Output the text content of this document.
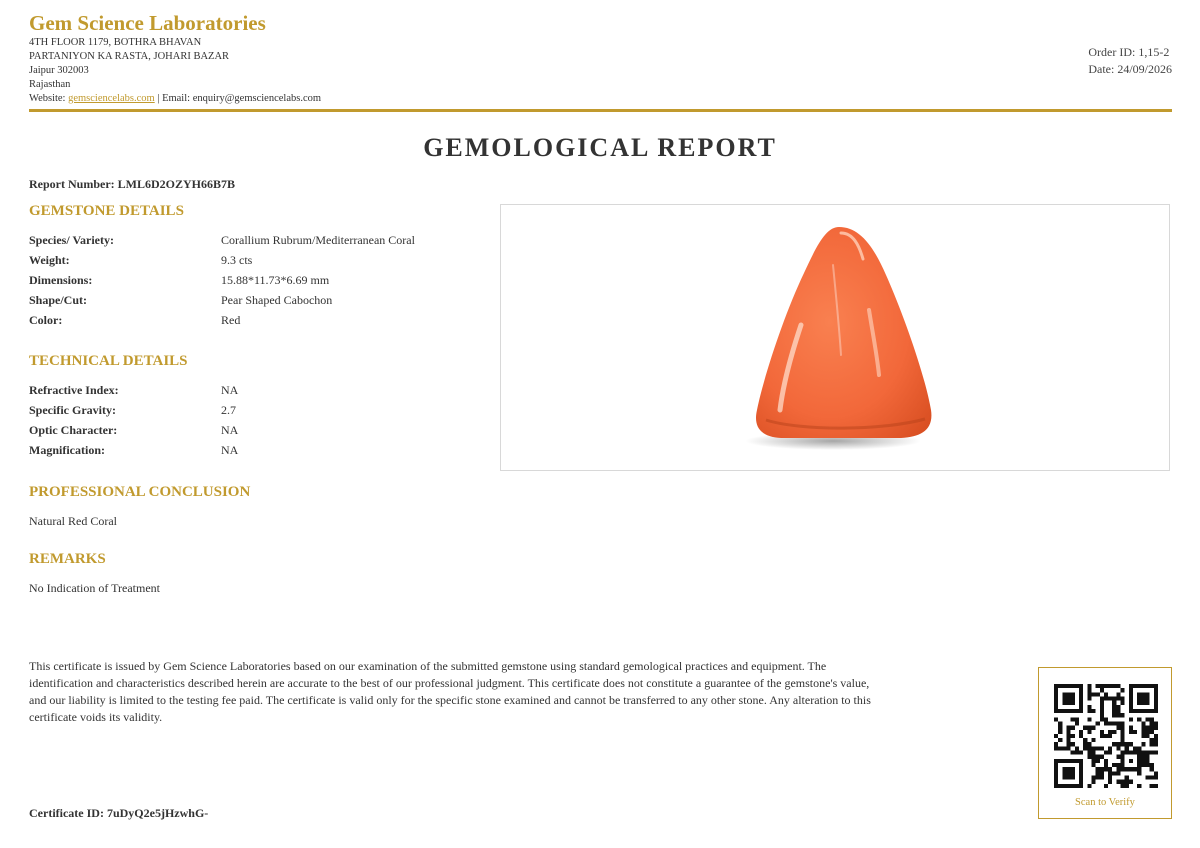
Gem Science Laboratories
4TH FLOOR 1179, BOTHRA BHAVAN
PARTANIYON KA RASTA, JOHARI BAZAR
Jaipur 302003
Rajasthan
Website: gemsciencelabs.com | Email: enquiry@gemsciencelabs.com
Order ID: 1,15-2
Date: 24/09/2026
GEMOLOGICAL REPORT
Report Number: LML6D2OZYH66B7B
GEMSTONE DETAILS
Species/ Variety:	Corallium Rubrum/Mediterranean Coral
Weight:	9.3 cts
Dimensions:	15.88*11.73*6.69 mm
Shape/Cut:	Pear Shaped Cabochon
Color:	Red
TECHNICAL DETAILS
Refractive Index:	NA
Specific Gravity:	2.7
Optic Character:	NA
Magnification:	NA
PROFESSIONAL CONCLUSION
Natural Red Coral
REMARKS
No Indication of Treatment
This certificate is issued by Gem Science Laboratories based on our examination of the submitted gemstone using standard gemological practices and equipment. The identification and characteristics described herein are accurate to the best of our professional judgment. This certificate does not constitute a guarantee of the gemstone's value, and our liability is limited to the testing fee paid. The certificate is valid only for the specific stone examined and cannot be transferred to any other stone. Any alteration to this certificate voids its validity.
Certificate ID: 7uDyQ2e5jHzwhG-
Scan to Verify
